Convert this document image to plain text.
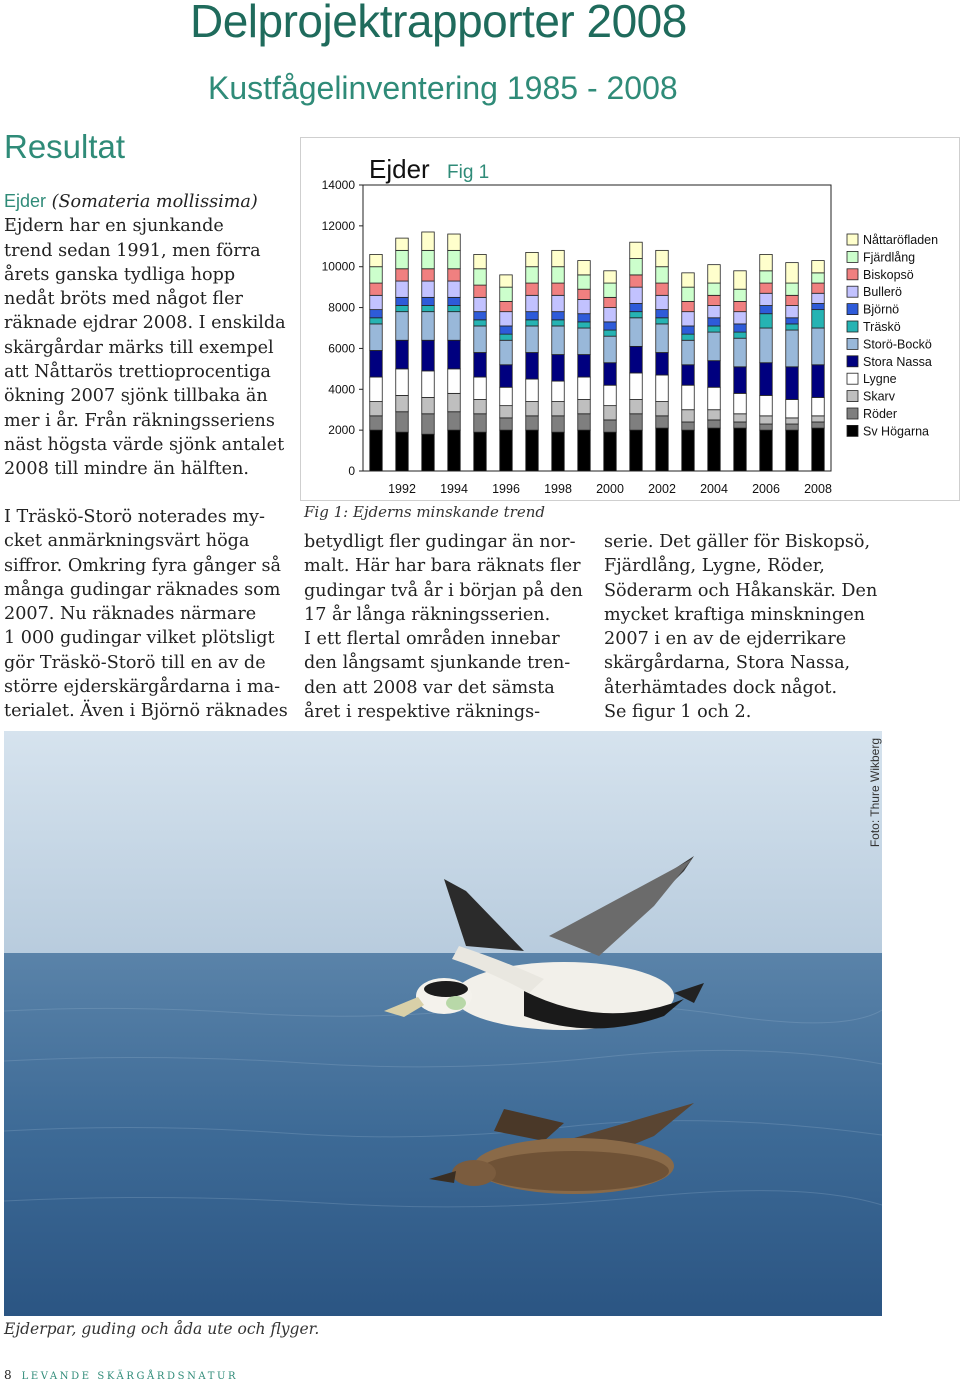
Delprojektrapporter 2008
Kustfågelinventering 1985 - 2008
Resultat
Ejder (Somateria mollissima)
Ejdern har en sjunkande
trend sedan 1991, men förra
årets ganska tydliga hopp
nedåt bröts med något fler
räknade ejdrar 2008. I enskilda
skärgårdar märks till exempel
att Nåttarös trettioprocentiga
ökning 2007 sjönk tillbaka än
mer i år. Från räkningsseriens
näst högsta värde sjönk antalet
2008 till mindre än hälften.
I Träskö-Storö noterades my-
cket anmärkningsvärt höga
siffror. Omkring fyra gånger så
många gudingar räknades som
2007. Nu räknades närmare
1 000 gudingar vilket plötsligt
gör Träskö-Storö till en av de
större ejderskärgårdarna i ma-
terialet. Även i Björnö räknades
betydligt fler gudingar än nor-
malt. Här har bara räknats fler
gudingar två år i början på den
17 år långa räkningsserien.
I ett flertal områden innebar
den långsamt sjunkande tren-
den att 2008 var det sämsta
året i respektive räknings-
serie. Det gäller för Biskopsö,
Fjärdlång, Lygne, Röder,
Söderarm och Håkanskär. Den
mycket kraftiga minskningen
2007 i en av de ejderrikare
skärgårdarna, Stora Nassa,
återhämtades dock något.
Se figur 1 och 2.
0
2000
4000
6000
8000
10000
12000
14000
Ejder Fig 1
1992 1994 1996 1998 2000 2002 2004 2006 2008
Nåttaröfladen
Fjärdlång
Biskopsö
Bullerö
Björnö
Träskö
Storö-Bockö
Stora Nassa
Lygne
Skarv
Röder
Sv Högarna
Fig 1: Ejderns minskande trend
Foto: Thure Wikberg
Ejderpar, guding och åda ute och flyger.
8 LEVANDE SKÄRGÅRDSNATUR
